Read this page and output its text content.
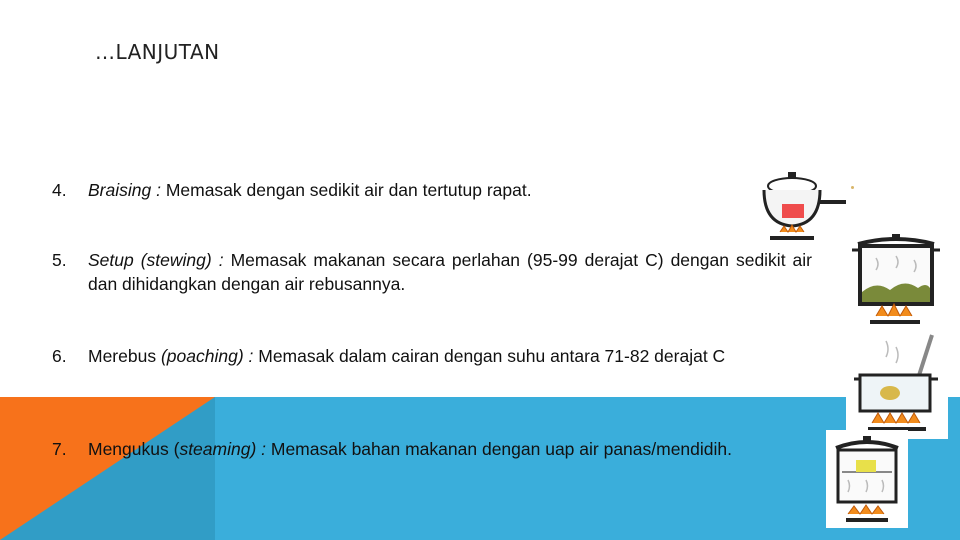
…LANJUTAN
4.	Braising : Memasak dengan sedikit air dan tertutup rapat.
5.	Setup (stewing) : Memasak makanan secara perlahan (95-99 derajat C) dengan sedikit air dan dihidangkan dengan air rebusannya.
6.	Merebus (poaching) : Memasak dalam cairan dengan suhu antara 71-82 derajat C
7.	Mengukus (steaming) : Memasak bahan makanan dengan uap air panas/mendidih.
